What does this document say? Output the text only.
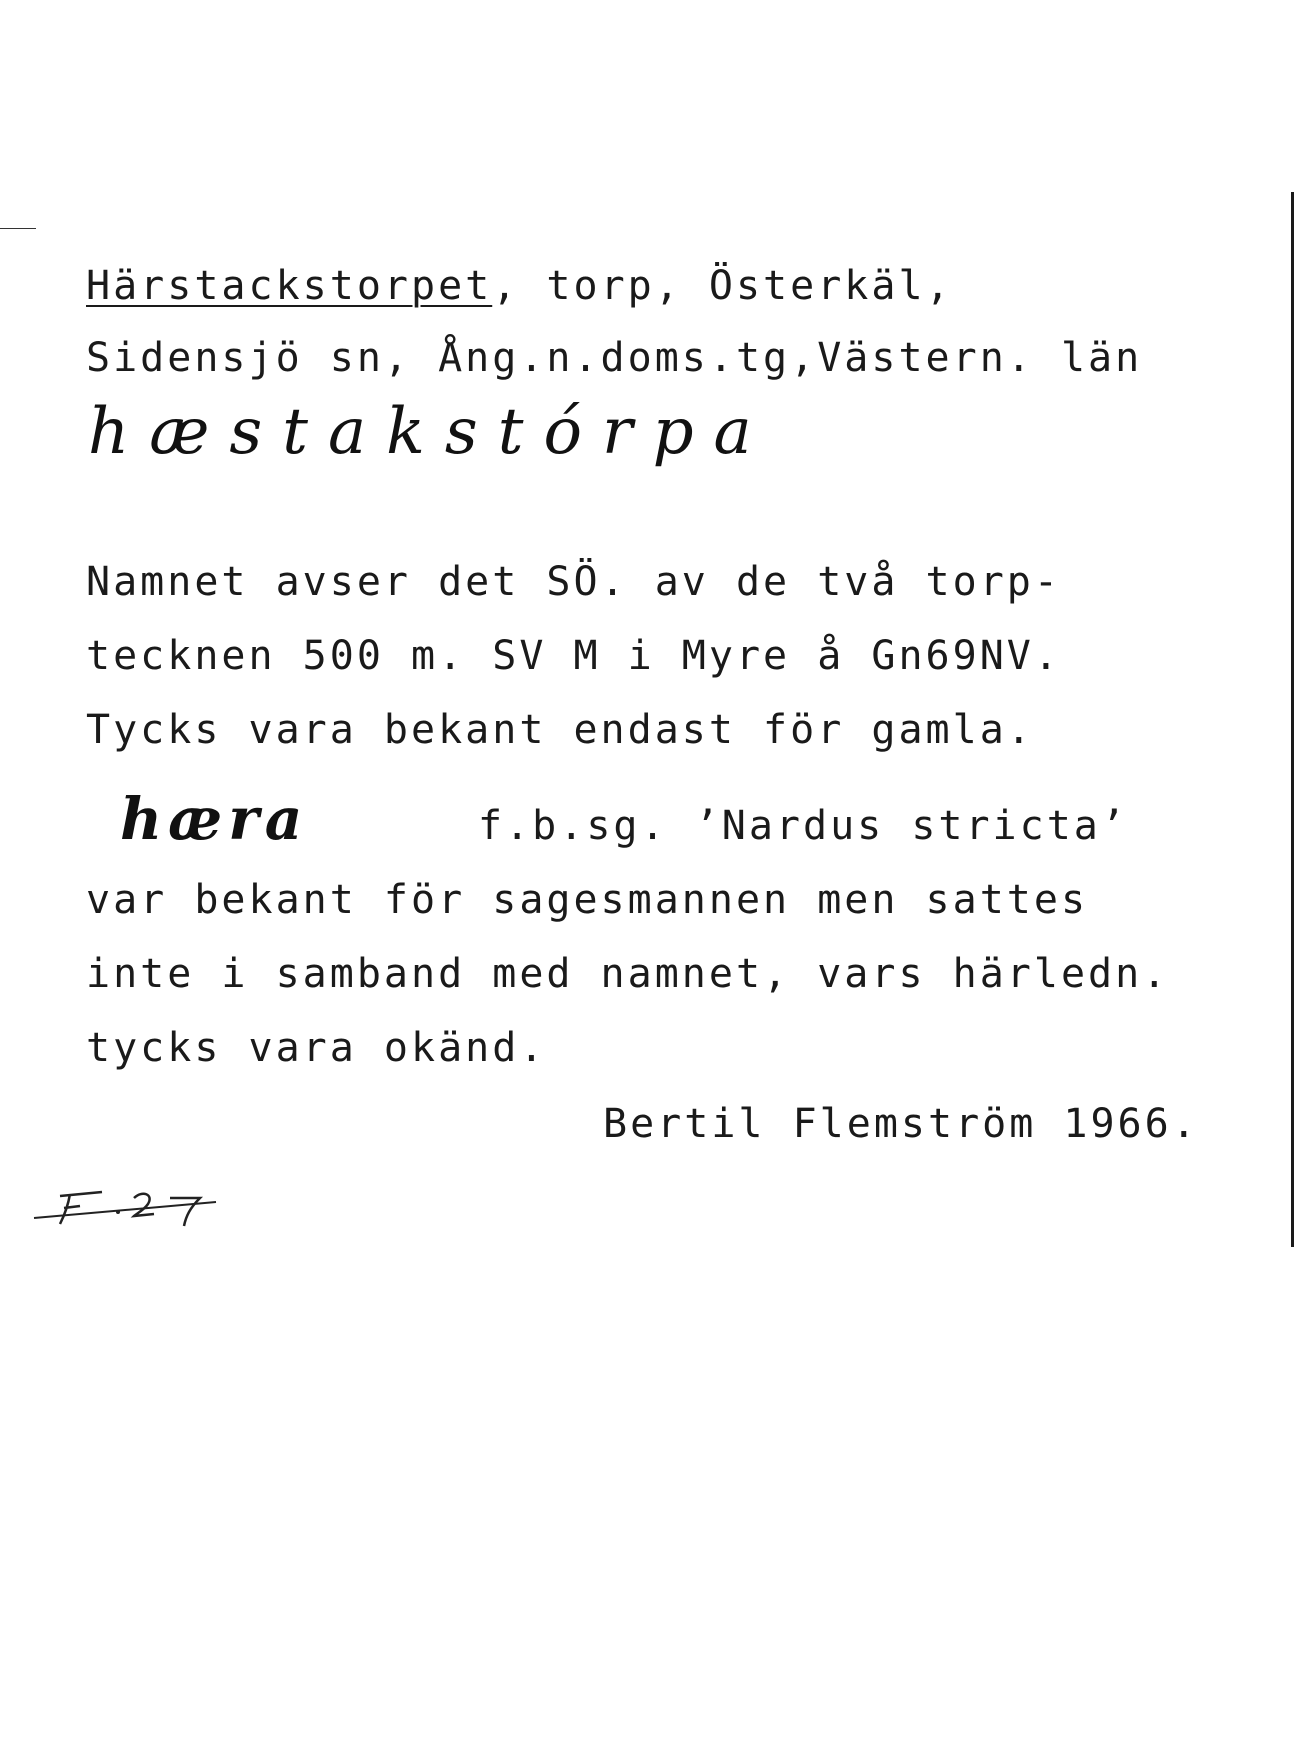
Härstackstorpet, torp, Österkäl,
Sidensjö sn, Ång.n.doms.tg,Västern. län
hæstakstórpa
Namnet avser det SÖ. av de två torp-
tecknen 500 m. SV M i Myre å Gn69NV.
Tycks vara bekant endast för gamla.
hæra	f.b.sg. ’Nardus stricta’
var bekant för sagesmannen men sattes
inte i samband med namnet, vars härledn.
tycks vara okänd.
Bertil Flemström 1966.
